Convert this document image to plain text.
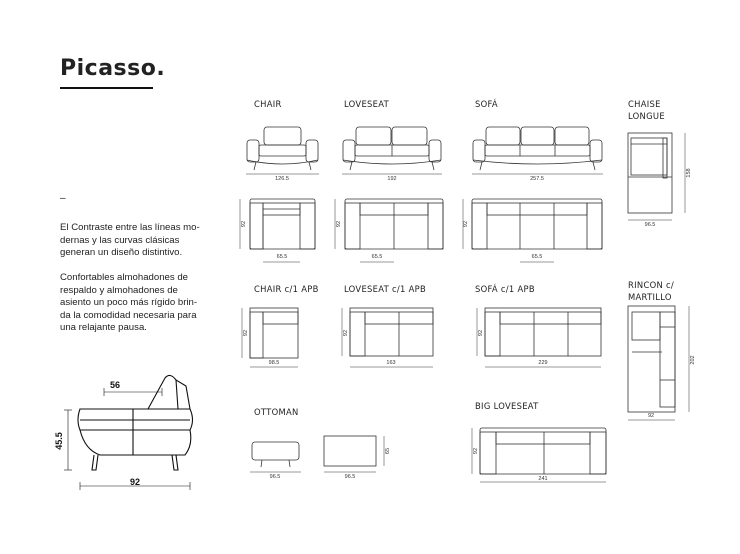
Picasso.
–
El Contraste entre las líneas mo-
dernas y las curvas clásicas
generan un diseño distintivo.
Confortables almohadones de
respaldo y almohadones de
asiento un poco más rígido brin-
da la comodidad necesaria para
una relajante pausa.
CHAIR	LOVESEAT	SOFÁ	CHAISE
LONGUE
CHAIR c/1 APB	LOVESEAT c/1 APB	SOFÁ c/1 APB	RINCON c/
MARTILLO
OTTOMAN
BIG LOVESEAT
126.5	192	257.5
158
96.5
92	92	92
65.5	65.5	65.5
92	92	92
98.5	163	229	202
92
96.5	96.5
65	92
241
56
45.5
92
